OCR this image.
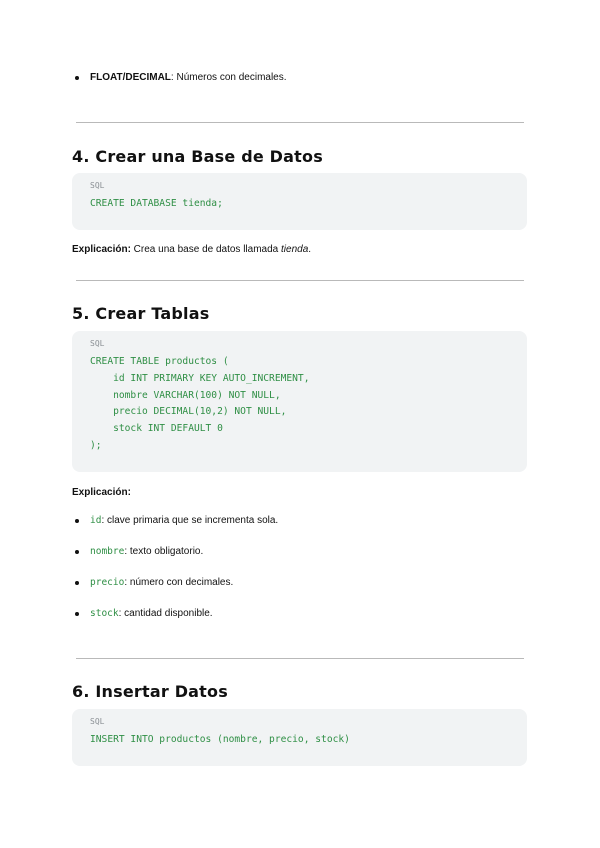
FLOAT/DECIMAL: Números con decimales.
4. Crear una Base de Datos
SQL
CREATE DATABASE tienda;

Explicación: Crea una base de datos llamada tienda.

5. Crear Tablas
SQL
CREATE TABLE productos (
id INT PRIMARY KEY AUTO_INCREMENT,
nombre VARCHAR(100) NOT NULL,
precio DECIMAL(10,2) NOT NULL,
stock INT DEFAULT 0
);

Explicación:

id: clave primaria que se incrementa sola.
nombre: texto obligatorio.
precio: número con decimales.
stock: cantidad disponible.
6. Insertar Datos
SQL
INSERT INTO productos (nombre, precio, stock)
